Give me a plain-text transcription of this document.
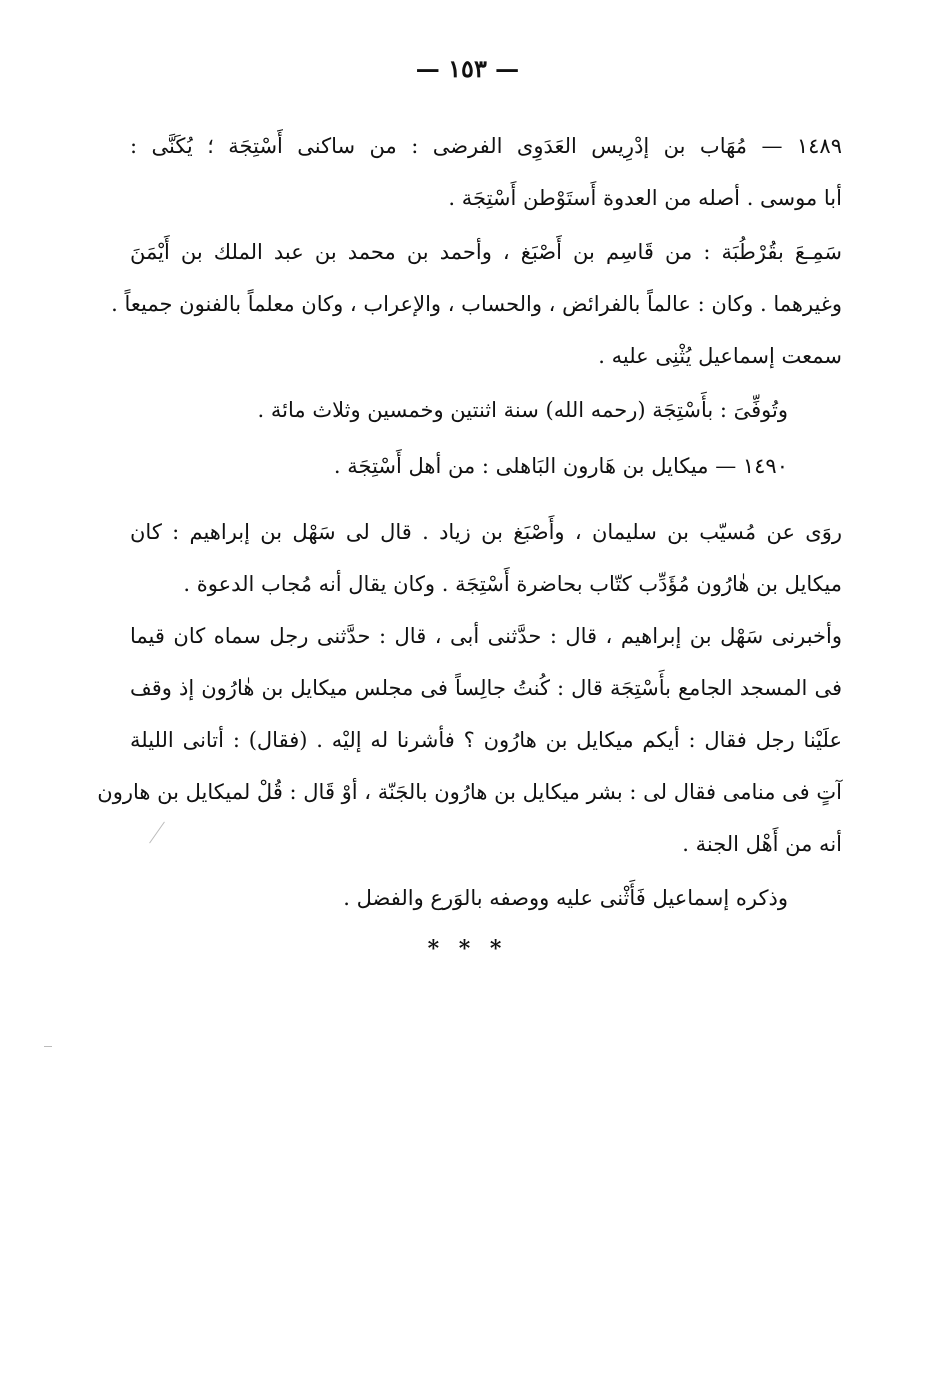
— ١٥٣ —
١٤٨٩ — مُهَاب بن إدْرِيس العَدَوِى الفرضى : من ساكنى أَسْتِجَة ؛ يُكَنَّى :
أبا موسى . أصله من العدوة أَستَوْطن أَسْتِجَة .
سَمِـعَ بقُرْطُبَة : من قَاسِم بن أَصْبَغ ، وأحمد بن محمد بن عبد الملك بن أَيْمَنَ
وغيرهما . وكان : عالماً بالفرائض ، والحساب ، والإعراب ، وكان معلماً بالفنون جميعاً .
سمعت إسماعيل يُثْنِى عليه .
وتُوفِّىَ : بأَسْتِجَة (رحمه الله) سنة اثنتين وخمسين وثلاث مائة .
١٤٩٠ — ميكايل بن هَارون البَاهلى : من أهل أَسْتِجَة .
روَى عن مُسيّب بن سليمان ، وأَصْبَغ بن زياد . قال لى سَهْل بن إبراهيم : كان
ميكايل بن هٰارُون مُؤَدِّب كتّاب بحاضرة أَسْتِجَة . وكان يقال أنه مُجاب الدعوة .
وأخبرنى سَهْل بن إبراهيم ، قال : حدَّثنى أبى ، قال : حدَّثنى رجل سماه كان قيما
فى المسجد الجامع بأَسْتِجَة قال : كُنتُ جالِساً فى مجلس ميكايل بن هٰارُون إذ وقف
علَيْنا رجل فقال : أيكم ميكايل بن هارُون ؟ فأشرنا له إليْه . (فقال) : أتانى الليلة
آتٍ فى منامى فقال لى : بشر ميكايل بن هارُون بالجَنّة ، أوْ قَال : قُلْ لميكايل بن هارون
أنه من أَهْل الجنة .
وذكره إسماعيل فَأَثْنى عليه ووصفه بالوَرع والفضل .
* * *
